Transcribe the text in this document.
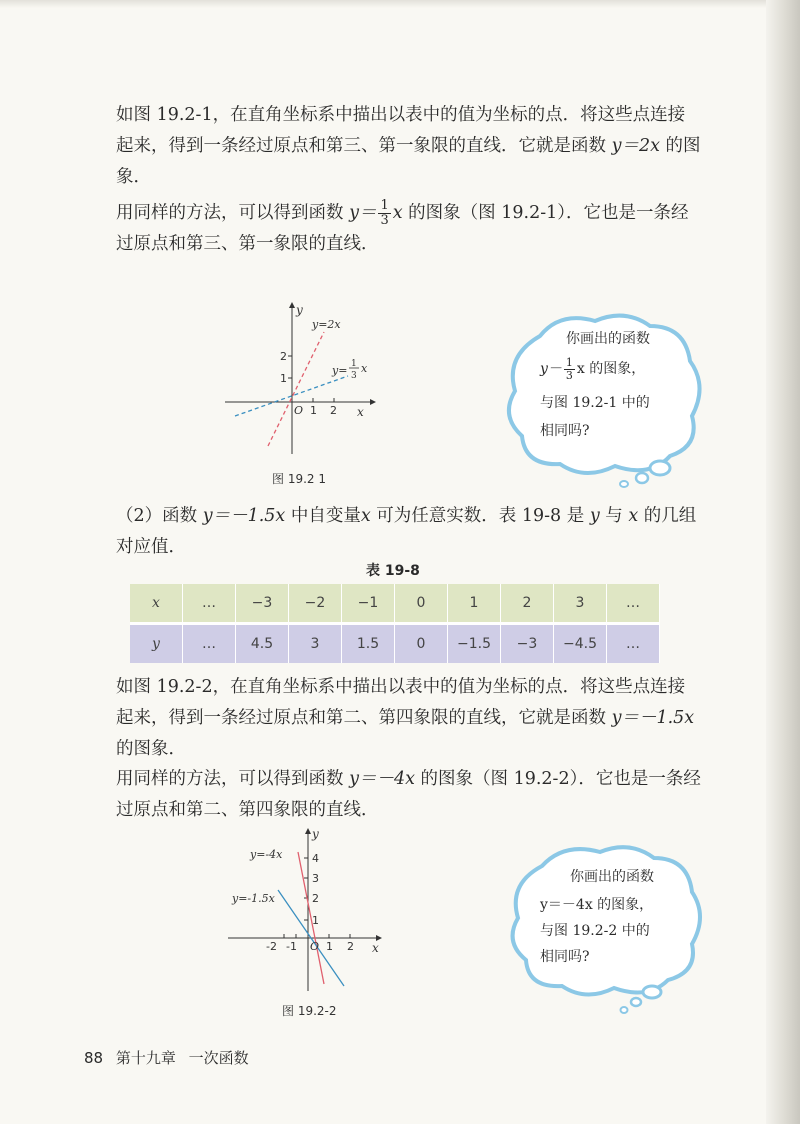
如图 19.2-1，在直角坐标系中描出以表中的值为坐标的点．将这些点连接起来，得到一条经过原点和第三、第一象限的直线．它就是函数 y＝2x 的图象．

用同样的方法，可以得到函数 $y= \frac{1}{3}$ x 的图象（图 19.2-1）．它也是一条经过原点和第三、第一象限的直线．

y
x
O
1
2
1 2
y=2x
y= 1
3
x
图 19.2 1
你画出的函数
$y- \frac{1}{3}$ x 的图象，
与图 19.2-1 中的
相同吗?

（2）函数 y＝－1.5x 中自变量x 可为任意实数．表 19-8 是 y 与 x 的几组对应值．

表 19-8
x	…	−3	−2	−1	0	1	2	3	…
y	…	4.5	3	1.5	0	−1.5	−3	−4.5	…

如图 19.2-2，在直角坐标系中描出以表中的值为坐标的点．将这些点连接起来，得到一条经过原点和第二、第四象限的直线，它就是函数 y＝－1.5x 的图象．

用同样的方法，可以得到函数 y＝－4x 的图象（图 19.2-2）．它也是一条经过原点和第二、第四象限的直线．

y
x
O
1
2
3
4
-2 -1	1 2
y=-4x
y=-1.5x
图 19.2-2
你画出的函数
y＝－4x 的图象，
与图 19.2-2 中的
相同吗?
88 第十九章 一次函数
